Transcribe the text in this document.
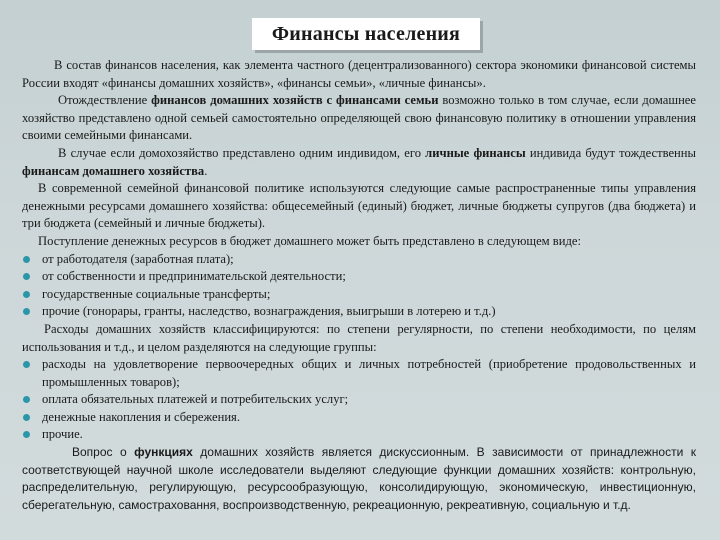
Финансы населения

В состав финансов населения, как элемента частного (децентрализованного) сектора экономики финансовой системы России входят «финансы домашних хозяйств», «финансы семьи», «личные финансы».

Отождествление финансов домашних хозяйств с финансами семьи возможно только в том случае, если домашнее хозяйство представлено одной семьей самостоятельно определяющей свою финансовую политику в отношении управления своими семейными финансами.

В случае если домохозяйство представлено одним индивидом, его личные финансы индивида будут тождественны финансам домашнего хозяйства.

В современной семейной финансовой политике используются следующие самые распространенные типы управления денежными ресурсами домашнего хозяйства: общесемейный (единый) бюджет, личные бюджеты супругов (два бюджета) и три бюджета (семейный и личные бюджеты).

Поступление денежных ресурсов в бюджет домашнего может быть представлено в следующем виде:

от работодателя (заработная плата);
от собственности и предпринимательской деятельности;
государственные социальные трансферты;
прочие (гонорары, гранты, наследство, вознаграждения, выигрыши в лотерею и т.д.)

Расходы домашних хозяйств классифицируются: по степени регулярности, по степени необходимости, по целям использования и т.д., и целом разделяются на следующие группы:

расходы на удовлетворение первоочередных общих и личных потребностей (приобретение продовольственных и промышленных товаров);
оплата обязательных платежей и потребительских услуг;
денежные накопления и сбережения.
прочие.

Вопрос о функциях домашних хозяйств является дискуссионным. В зависимости от принадлежности к соответствующей научной школе исследователи выделяют следующие функции домашних хозяйств: контрольную, распределительную, регулирующую, ресурсообразующую, консолидирующую, экономическую, инвестиционную, сберегательную, самостраховання, воспроизводственную, рекреационную, рекреативную, социальную и т.д.
